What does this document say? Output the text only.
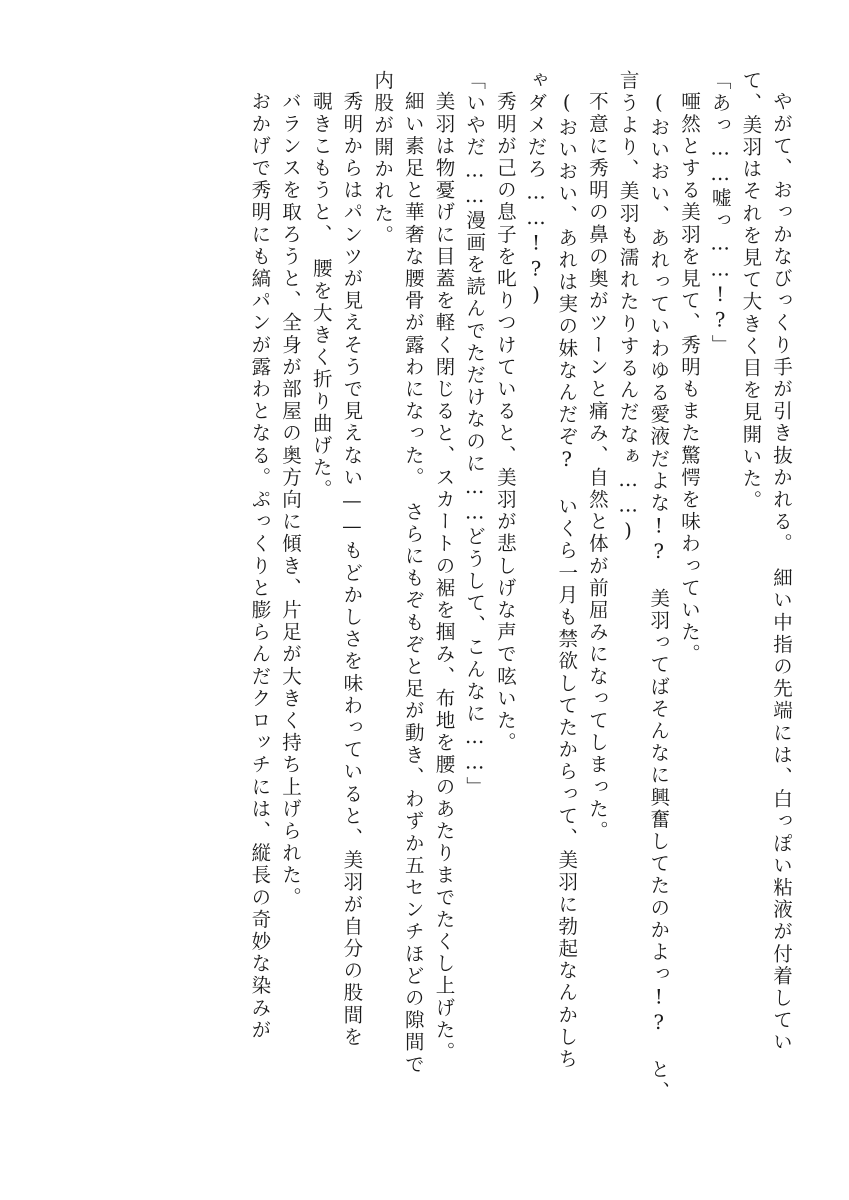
やがて、おっかなびっくり手が引き抜かれる。　細い中指の先端には、白っぽい粘液が付着してい
て、美羽はそれを見て大きく目を見開いた。
「あっ……嘘っ……!?」
唖然とする美羽を見て、秀明もまた驚愕を味わっていた。
(おいおい、あれっていわゆる愛液だよな!?　美羽ってばそんなに興奮してたのかよっ!?　と、
言うより、美羽も濡れたりするんだなぁ……)
不意に秀明の鼻の奥がツーンと痛み、自然と体が前屈みになってしまった。
(おいおい、あれは実の妹なんだぞ?　いくら一月も禁欲してたからって、美羽に勃起なんかしち
ゃダメだろ……!?)
秀明が己の息子を叱りつけていると、美羽が悲しげな声で呟いた。
「いやだ……漫画を読んでただけなのに……どうして、こんなに……」
美羽は物憂げに目蓋を軽く閉じると、スカートの裾を掴み、布地を腰のあたりまでたくし上げた。
細い素足と華奢な腰骨が露わになった。　さらにもぞもぞと足が動き、わずか五センチほどの隙間で
内股が開かれた。
秀明からはパンツが見えそうで見えない——もどかしさを味わっていると、美羽が自分の股間を
覗きこもうと、　腰を大きく折り曲げた。
バランスを取ろうと、全身が部屋の奥方向に傾き、片足が大きく持ち上げられた。
おかげで秀明にも縞パンが露わとなる。ぷっくりと膨らんだクロッチには、縦長の奇妙な染みが
